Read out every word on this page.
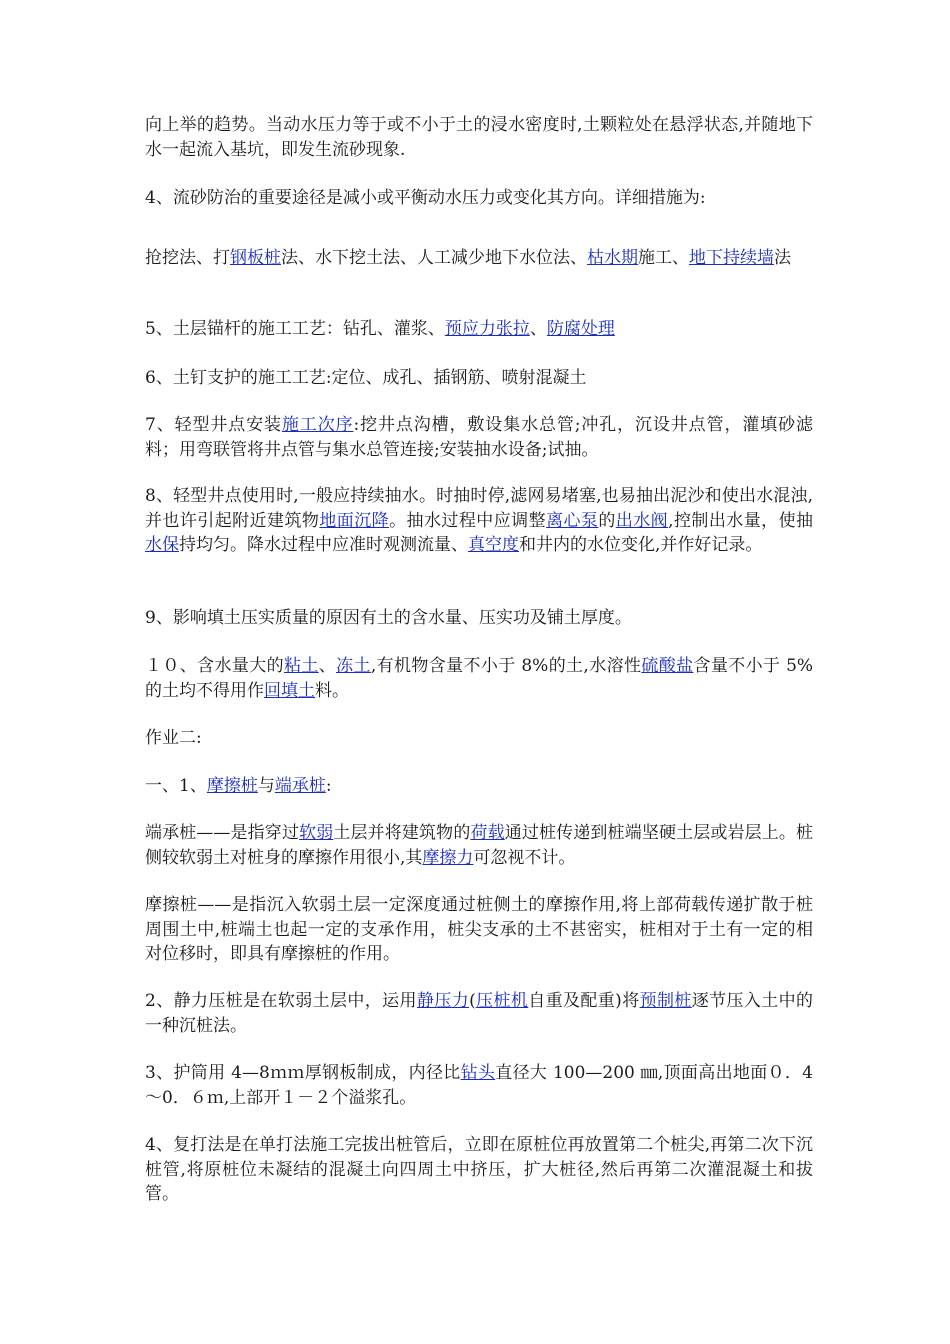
向上举的趋势。当动水压力等于或不小于土的浸水密度时,土颗粒处在悬浮状态,并随地下水一起流入基坑，即发生流砂现象.

4、流砂防治的重要途径是减小或平衡动水压力或变化其方向。详细措施为:

抢挖法、打钢板桩法、水下挖土法、人工减少地下水位法、枯水期施工、地下持续墙法

5、土层锚杆的施工工艺：钻孔、灌浆、预应力张拉、防腐处理

6、土钉支护的施工工艺:定位、成孔、插钢筋、喷射混凝土

7、轻型井点安装施工次序:挖井点沟槽，敷设集水总管;冲孔，沉设井点管，灌填砂滤料；用弯联管将井点管与集水总管连接;安装抽水设备;试抽。

8、轻型井点使用时,一般应持续抽水。时抽时停,滤网易堵塞,也易抽出泥沙和使出水混浊,并也许引起附近建筑物地面沉降。抽水过程中应调整离心泵的出水阀,控制出水量，使抽水保持均匀。降水过程中应准时观测流量、真空度和井内的水位变化,并作好记录。

9、影响填土压实质量的原因有土的含水量、压实功及铺土厚度。

１０、含水量大的粘土、冻土,有机物含量不小于 8%的土,水溶性硫酸盐含量不小于 5%的土均不得用作回填土料。

作业二:

一、1、摩擦桩与端承桩:

端承桩——是指穿过软弱土层并将建筑物的荷载通过桩传递到桩端坚硬土层或岩层上。桩侧较软弱土对桩身的摩擦作用很小,其摩擦力可忽视不计。

摩擦桩——是指沉入软弱土层一定深度通过桩侧土的摩擦作用,将上部荷载传递扩散于桩周围土中,桩端土也起一定的支承作用，桩尖支承的土不甚密实，桩相对于土有一定的相对位移时，即具有摩擦桩的作用。

2、静力压桩是在软弱土层中，运用静压力(压桩机自重及配重)将预制桩逐节压入土中的一种沉桩法。

3、护筒用 4—8ｍｍ厚钢板制成，内径比钻头直径大 100—200 ㎜,顶面高出地面０．4～0．６ｍ,上部开１－２个溢浆孔。

4、复打法是在单打法施工完拔出桩管后，立即在原桩位再放置第二个桩尖,再第二次下沉桩管,将原桩位未凝结的混凝土向四周土中挤压，扩大桩径,然后再第二次灌混凝土和拔管。
